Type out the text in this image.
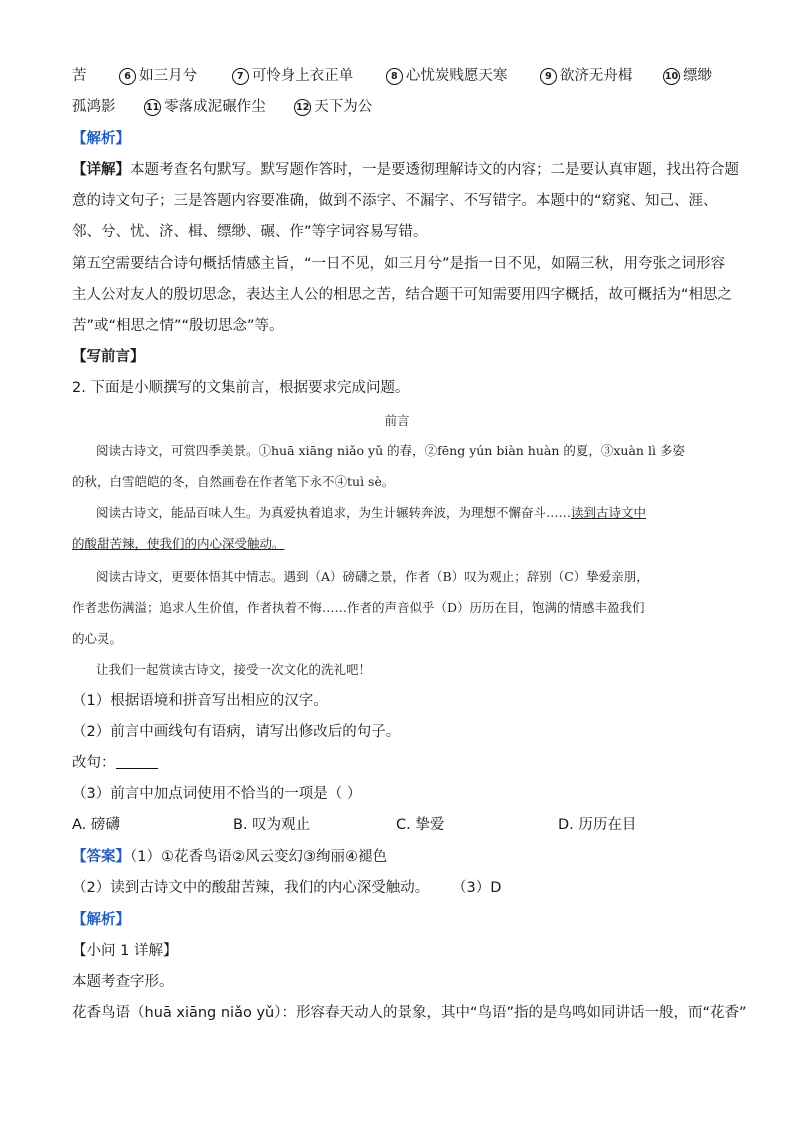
苦	6 如三月兮	7 可怜身上衣正单	8 心忧炭贱愿天寒	9 欲济无舟楫	10 缥缈
孤鸿影	11 零落成泥碾作尘	12 天下为公
【解析】
【详解】本题考查名句默写。默写题作答时，一是要透彻理解诗文的内容；二是要认真审题，找出符合题
意的诗文句子；三是答题内容要准确，做到不添字、不漏字、不写错字。本题中的“窈窕、知己、涯、
邻、兮、忧、济、楫、缥缈、碾、作”等字词容易写错。
第五空需要结合诗句概括情感主旨，“一日不见，如三月兮”是指一日不见，如隔三秋，用夸张之词形容
主人公对友人的殷切思念，表达主人公的相思之苦，结合题干可知需要用四字概括，故可概括为“相思之
苦”或“相思之情”“殷切思念”等。
【写前言】
2. 下面是小顺撰写的文集前言，根据要求完成问题。
前言
阅读古诗文，可赏四季美景。①huā xiāng niǎo yǔ 的春，②fēng yún biàn huàn 的夏，③xuàn lì 多姿
的秋，白雪皑皑的冬，自然画卷在作者笔下永不④tuì sè。
阅读古诗文，能品百味人生。为真爱执着追求，为生计辗转奔波，为理想不懈奋斗……读到古诗文中
的酸甜苦辣，使我们的内心深受触动。
阅读古诗文，更要体悟其中情志。遇到（A）磅礴之景，作者（B）叹为观止；辞别（C）挚爱亲朋，
作者悲伤满溢；追求人生价值，作者执着不悔……作者的声音似乎（D）历历在目，饱满的情感丰盈我们
的心灵。
让我们一起赏读古诗文，接受一次文化的洗礼吧！
（1）根据语境和拼音写出相应的汉字。
（2）前言中画线句有语病，请写出修改后的句子。
改句：
（3）前言中加点词使用不恰当的一项是（ ）
A. 磅礴	B. 叹为观止	C. 挚爱	D. 历历在目
【答案】（1）①花香鸟语②风云变幻③绚丽④褪色
（2）读到古诗文中的酸甜苦辣，我们的内心深受触动。 （3）D
【解析】
【小问 1 详解】
本题考查字形。
花香鸟语（huā xiāng niǎo yǔ）：形容春天动人的景象，其中“鸟语”指的是鸟鸣如同讲话一般，而“花香”
